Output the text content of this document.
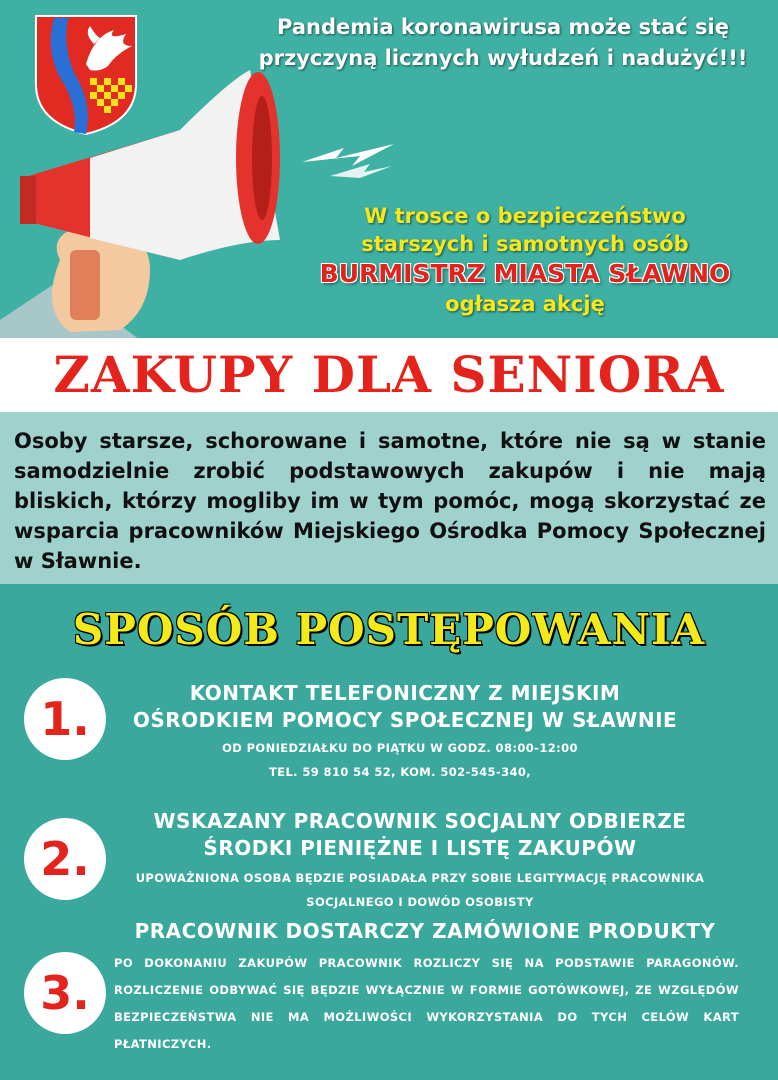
Pandemia koronawirusa może stać się przyczyną licznych wyłudzeń i nadużyć!!!
W trosce o bezpieczeństwo
starszych i samotnych osób
BURMISTRZ MIASTA SŁAWNO
ogłasza akcję
ZAKUPY DLA SENIORA

Osoby starsze, schorowane i samotne, które nie są w stanie samodzielnie zrobić podstawowych zakupów i nie mają bliskich, którzy mogliby im w tym pomóc, mogą skorzystać ze wsparcia pracowników Miejskiego Ośrodka Pomocy Społecznej w Sławnie.

SPOSÓB POSTĘPOWANIA
1.	KONTAKT TELEFONICZNY Z MIEJSKIM OŚRODKIEM POMOCY SPOŁECZNEJ W SŁAWNIE
OD PONIEDZIAŁKU DO PIĄTKU W GODZ. 08:00-12:00
TEL. 59 810 54 52, KOM. 502-545-340,
2.
WSKAZANY PRACOWNIK SOCJALNY ODBIERZE ŚRODKI PIENIĘŻNE I LISTĘ ZAKUPÓW
UPOWAŻNIONA OSOBA BĘDZIE POSIADAŁA PRZY SOBIE LEGITYMACJĘ PRACOWNIKA SOCJALNEGO I DOWÓD OSOBISTY
3.
PRACOWNIK DOSTARCZY ZAMÓWIONE PRODUKTY
PO DOKONANIU ZAKUPÓW PRACOWNIK ROZLICZY SIĘ NA PODSTAWIE PARAGONÓW. ROZLICZENIE ODBYWAĆ SIĘ BĘDZIE WYŁĄCZNIE W FORMIE GOTÓWKOWEJ, ZE WZGLĘDÓW BEZPIECZEŃSTWA NIE MA MOŻLIWOŚCI WYKORZYSTANIA DO TYCH CELÓW KART PŁATNICZYCH.
